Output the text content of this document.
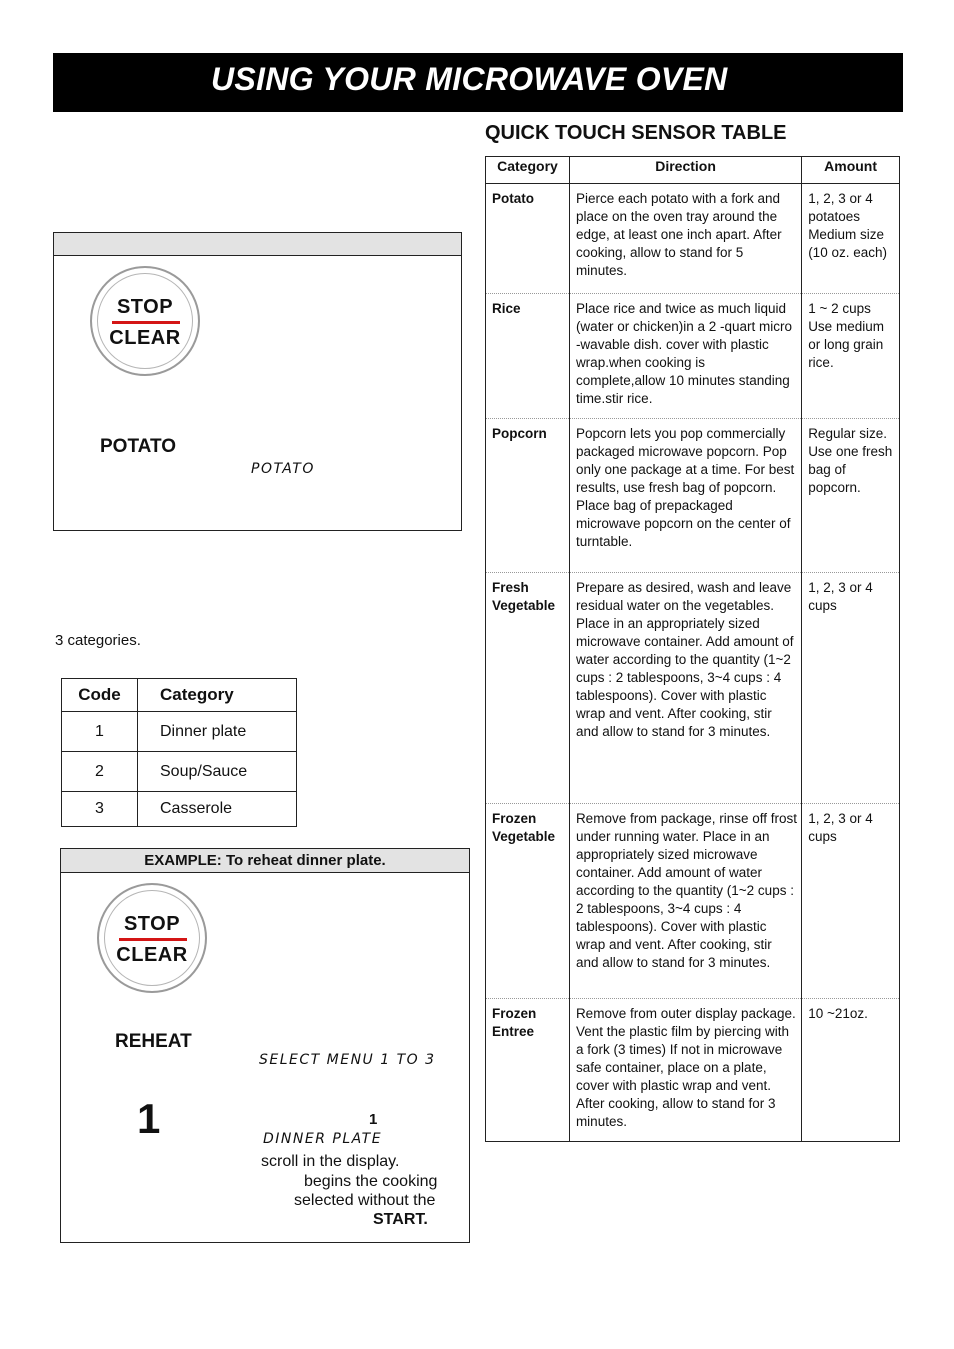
USING YOUR MICROWAVE OVEN
QUICK TOUCH SENSOR TABLE
Category	Direction	Amount
Potato	Pierce each potato with a fork and place on the oven tray around the edge, at least one inch apart. After cooking, allow to stand for 5 minutes.	1, 2, 3 or 4 potatoes Medium size (10 oz. each)
Rice	Place rice and twice as much liquid (water or chicken)in a 2 -quart micro -wavable dish. cover with plastic wrap.when cooking is complete,allow 10 minutes standing time.stir rice.	1 ~ 2 cups Use medium or long grain rice.
Popcorn	Popcorn lets you pop commercially packaged microwave popcorn. Pop only one package at a time. For best results, use fresh bag of popcorn. Place bag of prepackaged microwave popcorn on the center of turntable.	Regular size. Use one fresh bag of popcorn.
Fresh Vegetable	Prepare as desired, wash and leave residual water on the vegetables. Place in an appropriately sized microwave container. Add amount of water according to the quantity (1~2 cups : 2 tablespoons, 3~4 cups : 4 tablespoons). Cover with plastic wrap and vent. After cooking, stir and allow to stand for 3 minutes.	1, 2, 3 or 4 cups
Frozen Vegetable	Remove from package, rinse off frost under running water. Place in an appropriately sized microwave container. Add amount of water according to the quantity (1~2 cups : 2 tablespoons, 3~4 cups : 4 tablespoons). Cover with plastic wrap and vent. After cooking, stir and allow to stand for 3 minutes.	1, 2, 3 or 4 cups
Frozen Entree	Remove from outer display package. Vent the plastic film by piercing with a fork (3 times) If not in microwave safe container, place on a plate, cover with plastic wrap and vent. After cooking, allow to stand for 3 minutes.	10 ~21oz.
STOP
CLEAR
POTATO
POTATO
3 categories.
Code	Category
1	Dinner plate
2	Soup/Sauce
3	Casserole
EXAMPLE: To reheat dinner plate.
STOP
CLEAR
REHEAT
SELECT MENU 1 TO 3
1	1
DINNER PLATE
scroll in the display.
begins the cooking
selected without the
START.
